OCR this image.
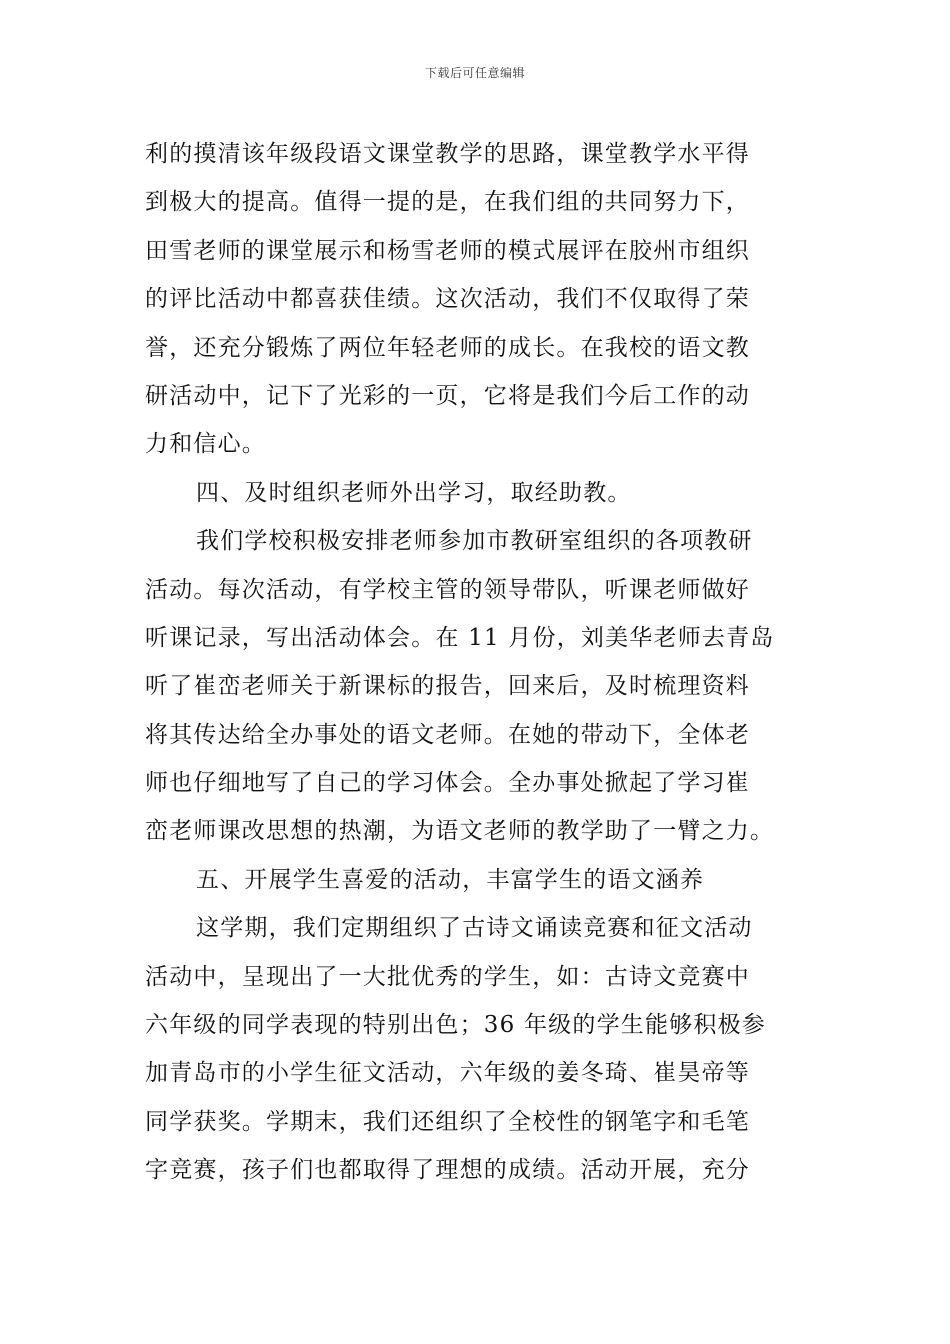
下载后可任意编辑
利的摸清该年级段语文课堂教学的思路，课堂教学水平得
到极大的提高。值得一提的是，在我们组的共同努力下，
田雪老师的课堂展示和杨雪老师的模式展评在胶州市组织
的评比活动中都喜获佳绩。这次活动，我们不仅取得了荣
誉，还充分锻炼了两位年轻老师的成长。在我校的语文教
研活动中，记下了光彩的一页，它将是我们今后工作的动
力和信心。
四、及时组织老师外出学习，取经助教。
我们学校积极安排老师参加市教研室组织的各项教研
活动。每次活动，有学校主管的领导带队，听课老师做好
听课记录，写出活动体会。在 11 月份，刘美华老师去青岛
听了崔峦老师关于新课标的报告，回来后，及时梳理资料
将其传达给全办事处的语文老师。在她的带动下，全体老
师也仔细地写了自己的学习体会。全办事处掀起了学习崔
峦老师课改思想的热潮，为语文老师的教学助了一臂之力。
五、开展学生喜爱的活动，丰富学生的语文涵养
这学期，我们定期组织了古诗文诵读竞赛和征文活动
活动中，呈现出了一大批优秀的学生，如：古诗文竞赛中
六年级的同学表现的特别出色；36 年级的学生能够积极参
加青岛市的小学生征文活动，六年级的姜冬琦、崔昊帝等
同学获奖。学期末，我们还组织了全校性的钢笔字和毛笔
字竞赛，孩子们也都取得了理想的成绩。活动开展，充分
